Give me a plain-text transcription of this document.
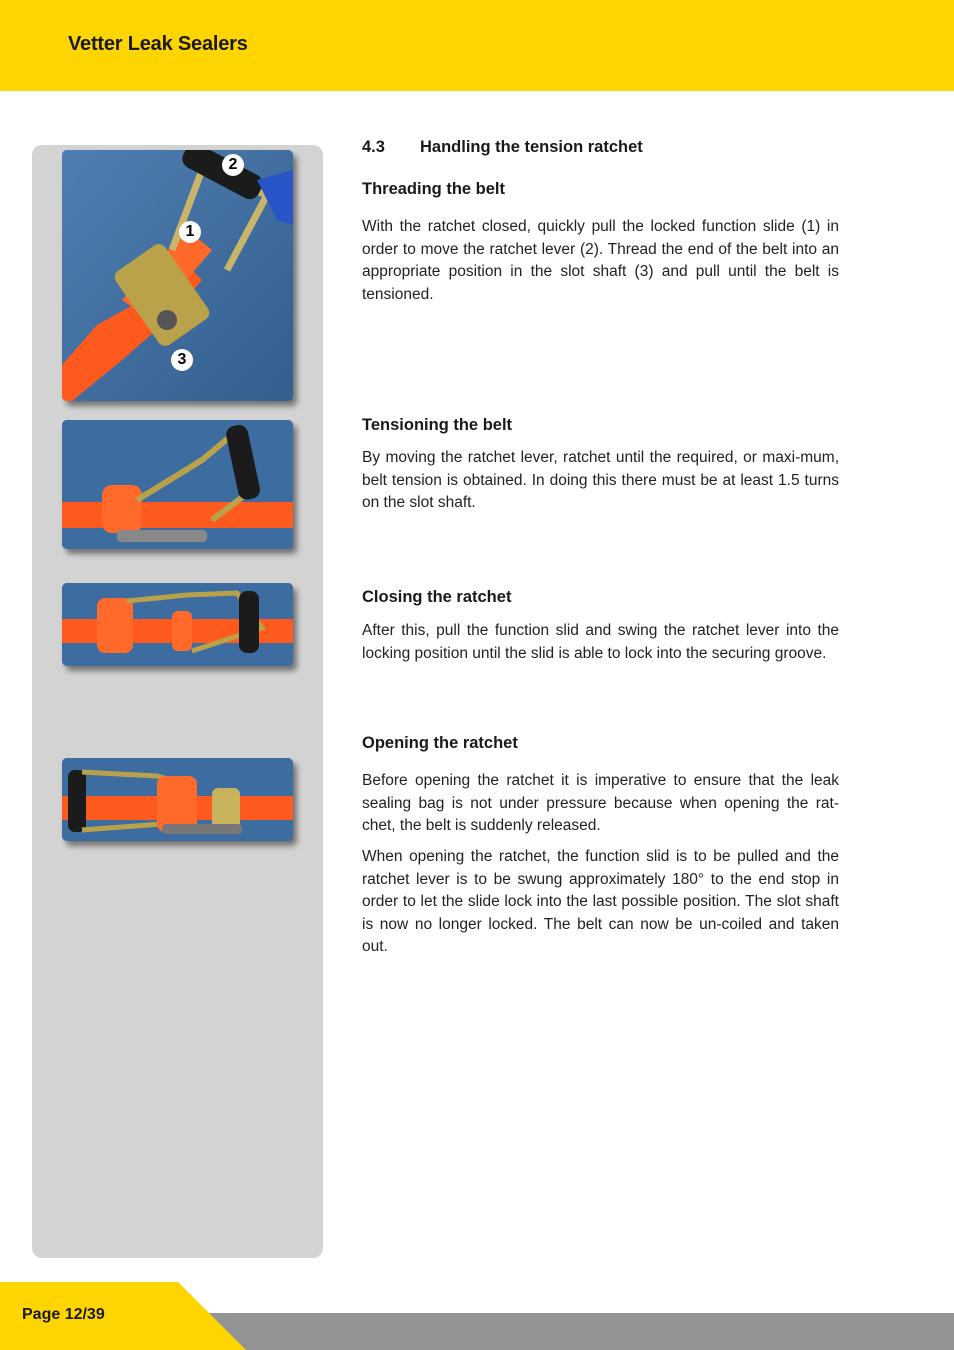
Vetter Leak Sealers
2
1
3
4.3 Handling the tension ratchet
Threading the belt

With the ratchet closed, quickly pull the locked function slide (1) in order to move the ratchet lever (2). Thread the end of the belt into an appropriate position in the slot shaft (3) and pull until the belt is tensioned.

Tensioning the belt

By moving the ratchet lever, ratchet until the required, or maxi-mum, belt tension is obtained. In doing this there must be at least 1.5 turns on the slot shaft.

Closing the ratchet

After this, pull the function slid and swing the ratchet lever into the locking position until the slid is able to lock into the securing groove.

Opening the ratchet

Before opening the ratchet it is imperative to ensure that the leak sealing bag is not under pressure because when opening the rat-chet, the belt is suddenly released.

When opening the ratchet, the function slid is to be pulled and the ratchet lever is to be swung approximately 180° to the end stop in order to let the slide lock into the last possible position. The slot shaft is now no longer locked. The belt can now be un-coiled and taken out.

Page 12/39
